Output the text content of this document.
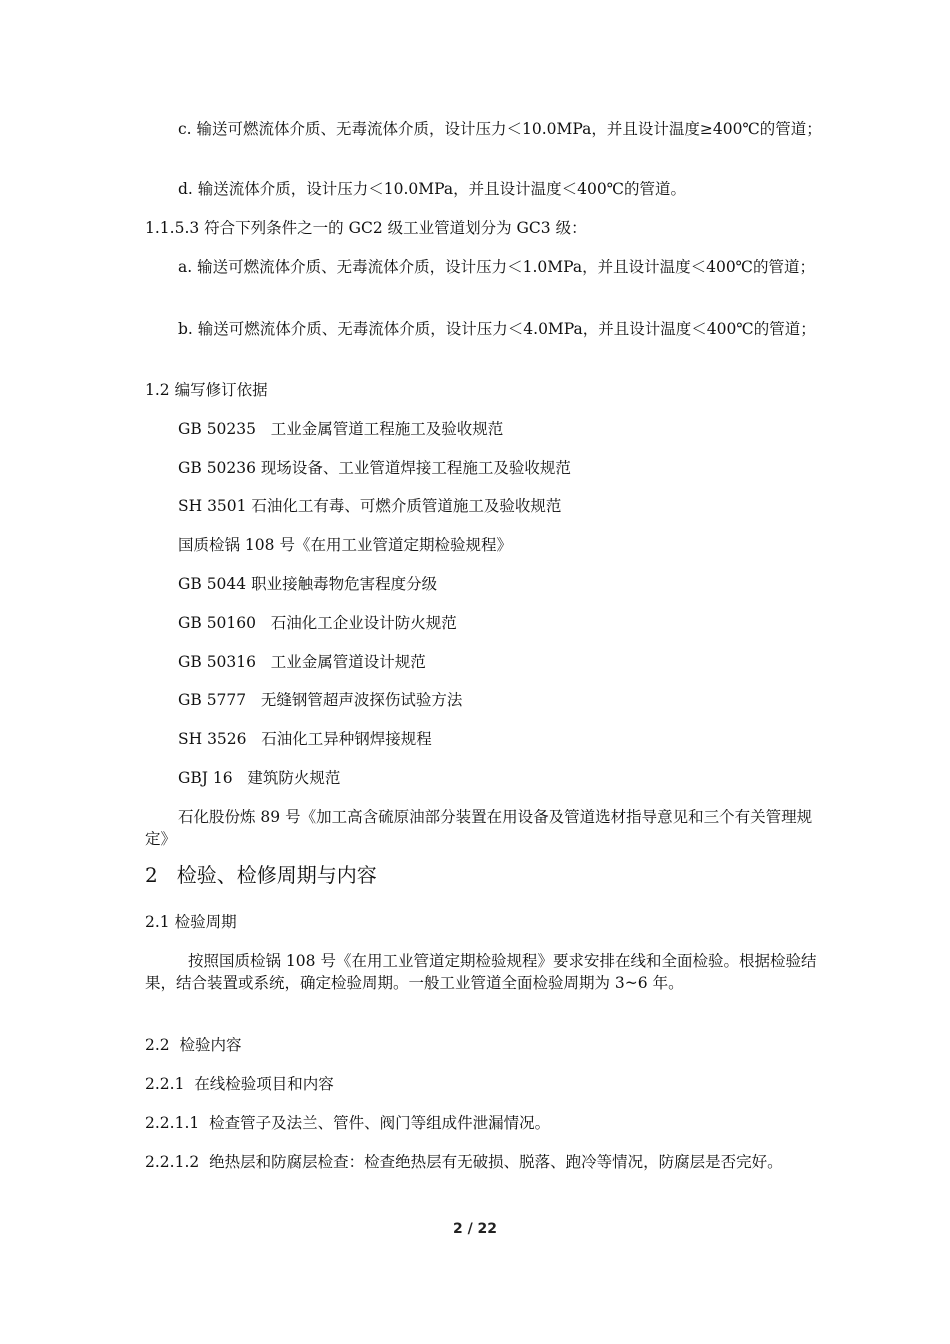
c. 输送可燃流体介质、无毒流体介质，设计压力＜10.0MPa，并且设计温度≥400℃的管道；
d. 输送流体介质，设计压力＜10.0MPa，并且设计温度＜400℃的管道。
1.1.5.3 符合下列条件之一的 GC2 级工业管道划分为 GC3 级：
a. 输送可燃流体介质、无毒流体介质，设计压力＜1.0MPa，并且设计温度＜400℃的管道；
b. 输送可燃流体介质、无毒流体介质，设计压力＜4.0MPa，并且设计温度＜400℃的管道；
1.2 编写修订依据
GB 50235   工业金属管道工程施工及验收规范
GB 50236 现场设备、工业管道焊接工程施工及验收规范
SH 3501 石油化工有毒、可燃介质管道施工及验收规范
国质检锅 108 号《在用工业管道定期检验规程》
GB 5044 职业接触毒物危害程度分级
GB 50160   石油化工企业设计防火规范
GB 50316   工业金属管道设计规范
GB 5777   无缝钢管超声波探伤试验方法
SH 3526   石油化工异种钢焊接规程
GBJ 16   建筑防火规范
石化股份炼 89 号《加工高含硫原油部分装置在用设备及管道选材指导意见和三个有关管理规定》
2   检验、检修周期与内容
2.1 检验周期
按照国质检锅 108 号《在用工业管道定期检验规程》要求安排在线和全面检验。根据检验结果，结合装置或系统，确定检验周期。一般工业管道全面检验周期为 3~6 年。
2.2  检验内容
2.2.1  在线检验项目和内容
2.2.1.1  检查管子及法兰、管件、阀门等组成件泄漏情况。
2.2.1.2  绝热层和防腐层检查：检查绝热层有无破损、脱落、跑冷等情况，防腐层是否完好。
2 / 22
